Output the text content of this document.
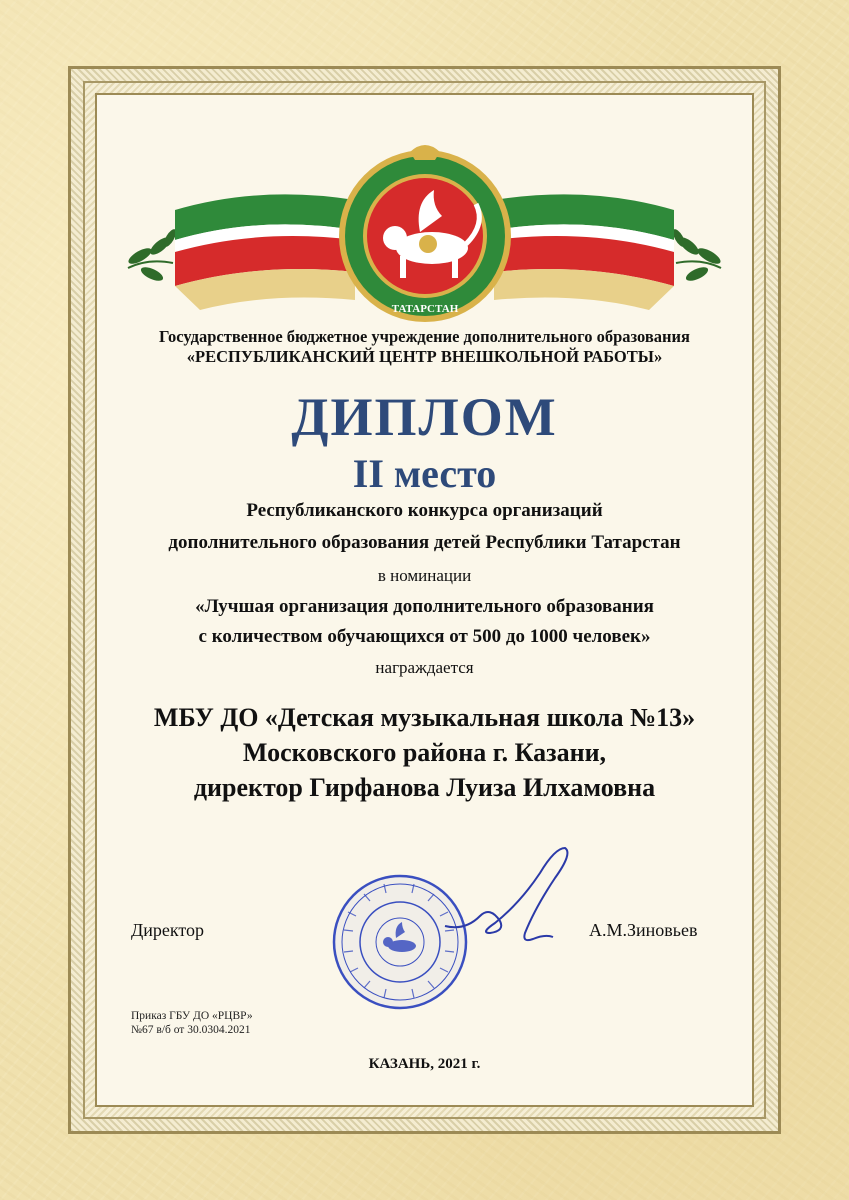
ТАТАРСТАН
Государственное бюджетное учреждение дополнительного образования
«РЕСПУБЛИКАНСКИЙ ЦЕНТР ВНЕШКОЛЬНОЙ РАБОТЫ»
ДИПЛОМ
II место
Республиканского конкурса организаций
дополнительного образования детей Республики Татарстан
в номинации
«Лучшая организация дополнительного образования
с количеством обучающихся от 500 до 1000 человек»
награждается
МБУ ДО «Детская музыкальная школа №13»
Московского района г. Казани,
директор Гирфанова Луиза Илхамовна
Директор	А.М.Зиновьев
Приказ ГБУ ДО «РЦВР»
№67 в/б от 30.0304.2021
КАЗАНЬ, 2021 г.
